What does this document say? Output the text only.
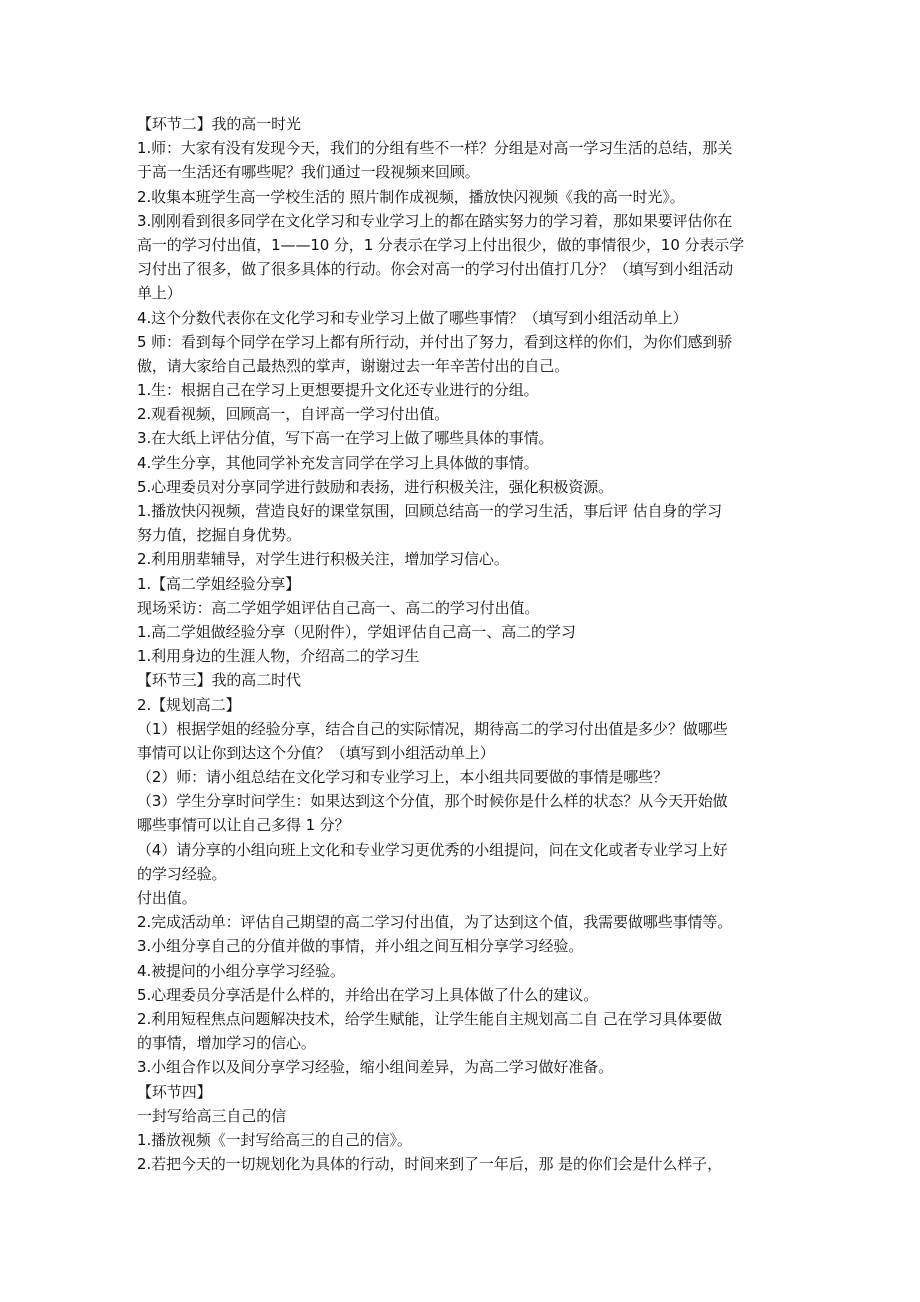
【环节二】我的高一时光
1.师：大家有没有发现今天，我们的分组有些不一样？分组是对高一学习生活的总结，那关
于高一生活还有哪些呢？我们通过一段视频来回顾。
2.收集本班学生高一学校生活的 照片制作成视频，播放快闪视频《我的高一时光》。
3.刚刚看到很多同学在文化学习和专业学习上的都在踏实努力的学习着，那如果要评估你在
高一的学习付出值，1——10 分，1 分表示在学习上付出很少，做的事情很少，10 分表示学
习付出了很多，做了很多具体的行动。你会对高一的学习付出值打几分？（填写到小组活动
单上）
4.这个分数代表你在文化学习和专业学习上做了哪些事情？（填写到小组活动单上）
5 师：看到每个同学在学习上都有所行动，并付出了努力，看到这样的你们，为你们感到骄
傲，请大家给自己最热烈的掌声，谢谢过去一年辛苦付出的自己。
1.生：根据自己在学习上更想要提升文化还专业进行的分组。
2.观看视频，回顾高一，自评高一学习付出值。
3.在大纸上评估分值，写下高一在学习上做了哪些具体的事情。
4.学生分享，其他同学补充发言同学在学习上具体做的事情。
5.心理委员对分享同学进行鼓励和表扬，进行积极关注，强化积极资源。
1.播放快闪视频，营造良好的课堂氛围，回顾总结高一的学习生活，事后评 估自身的学习
努力值，挖掘自身优势。
2.利用朋辈辅导，对学生进行积极关注，增加学习信心。
1.【高二学姐经验分享】
现场采访：高二学姐学姐评估自己高一、高二的学习付出值。
1.高二学姐做经验分享（见附件），学姐评估自己高一、高二的学习
1.利用身边的生涯人物，介绍高二的学习生
【环节三】我的高二时代
2.【规划高二】
（1）根据学姐的经验分享，结合自己的实际情况，期待高二的学习付出值是多少？做哪些
事情可以让你到达这个分值？（填写到小组活动单上）
（2）师：请小组总结在文化学习和专业学习上，本小组共同要做的事情是哪些？
（3）学生分享时问学生：如果达到这个分值，那个时候你是什么样的状态？从今天开始做
哪些事情可以让自己多得 1 分？
（4）请分享的小组向班上文化和专业学习更优秀的小组提问，问在文化或者专业学习上好
的学习经验。
付出值。
2.完成活动单：评估自己期望的高二学习付出值，为了达到这个值，我需要做哪些事情等。
3.小组分享自己的分值并做的事情，并小组之间互相分享学习经验。
4.被提问的小组分享学习经验。
5.心理委员分享活是什么样的，并给出在学习上具体做了什么的建议。
2.利用短程焦点问题解决技术，给学生赋能，让学生能自主规划高二自 己在学习具体要做
的事情，增加学习的信心。
3.小组合作以及间分享学习经验，缩小组间差异，为高二学习做好准备。
【环节四】
一封写给高三自己的信
1.播放视频《一封写给高三的自己的信》。
2.若把今天的一切规划化为具体的行动，时间来到了一年后，那 是的你们会是什么样子，
